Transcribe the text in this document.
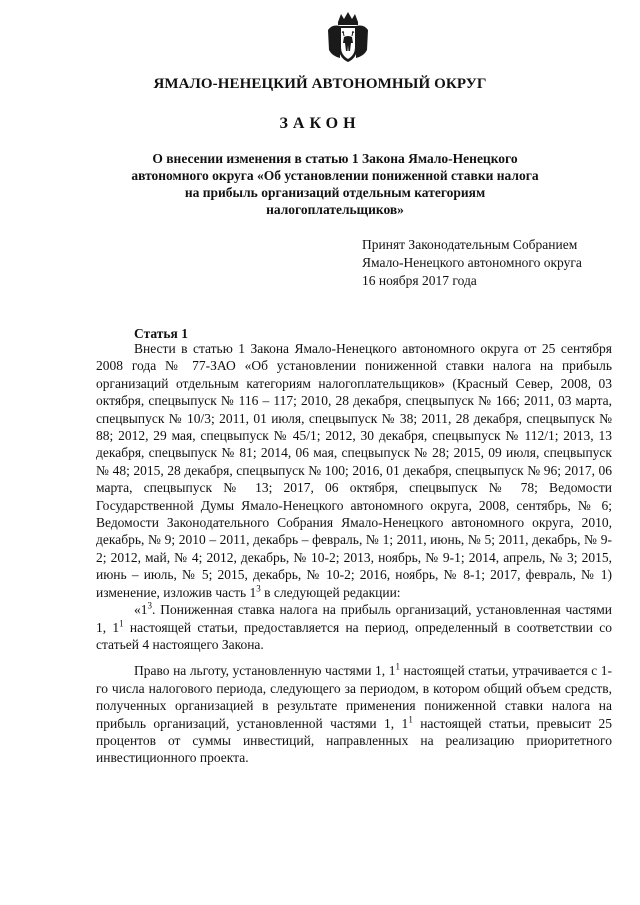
ЯМАЛО-НЕНЕЦКИЙ АВТОНОМНЫЙ ОКРУГ
ЗАКОН
О внесении изменения в статью 1 Закона Ямало-Ненецкого автономного округа «Об установлении пониженной ставки налога на прибыль организаций отдельным категориям налогоплательщиков»
Принят Законодательным Собранием
Ямало-Ненецкого автономного округа
16 ноября 2017 года
Статья 1

Внести в статью 1 Закона Ямало-Ненецкого автономного округа от 25 сентября 2008 года № 77-ЗАО «Об установлении пониженной ставки налога на прибыль организаций отдельным категориям налогоплательщиков» (Красный Север, 2008, 03 октября, спецвыпуск № 116 – 117; 2010, 28 декабря, спецвыпуск № 166; 2011, 03 марта, спецвыпуск № 10/3; 2011, 01 июля, спецвыпуск № 38; 2011, 28 декабря, спецвыпуск № 88; 2012, 29 мая, спецвыпуск № 45/1; 2012, 30 декабря, спецвыпуск № 112/1; 2013, 13 декабря, спецвыпуск № 81; 2014, 06 мая, спецвыпуск № 28; 2015, 09 июля, спецвыпуск № 48; 2015, 28 декабря, спецвыпуск № 100; 2016, 01 декабря, спецвыпуск № 96; 2017, 06 марта, спецвыпуск № 13; 2017, 06 октября, спецвыпуск № 78; Ведомости Государственной Думы Ямало-Ненецкого автономного округа, 2008, сентябрь, № 6; Ведомости Законодательного Собрания Ямало-Ненецкого автономного округа, 2010, декабрь, № 9; 2010 – 2011, декабрь – февраль, № 1; 2011, июнь, № 5; 2011, декабрь, № 9-2; 2012, май, № 4; 2012, декабрь, № 10-2; 2013, ноябрь, № 9-1; 2014, апрель, № 3; 2015, июнь – июль, № 5; 2015, декабрь, № 10-2; 2016, ноябрь, № 8-1; 2017, февраль, № 1) изменение, изложив часть $1^3$ в следующей редакции:

«$1^3$. Пониженная ставка налога на прибыль организаций, установленная частями 1, $1^1$ настоящей статьи, предоставляется на период, определенный в соответствии со статьей 4 настоящего Закона.

Право на льготу, установленную частями 1, $1^1$ настоящей статьи, утрачивается с 1-го числа налогового периода, следующего за периодом, в котором общий объем средств, полученных организацией в результате применения пониженной ставки налога на прибыль организаций, установленной частями 1, $1^1$ настоящей статьи, превысит 25 процентов от суммы инвестиций, направленных на реализацию приоритетного инвестиционного проекта.
